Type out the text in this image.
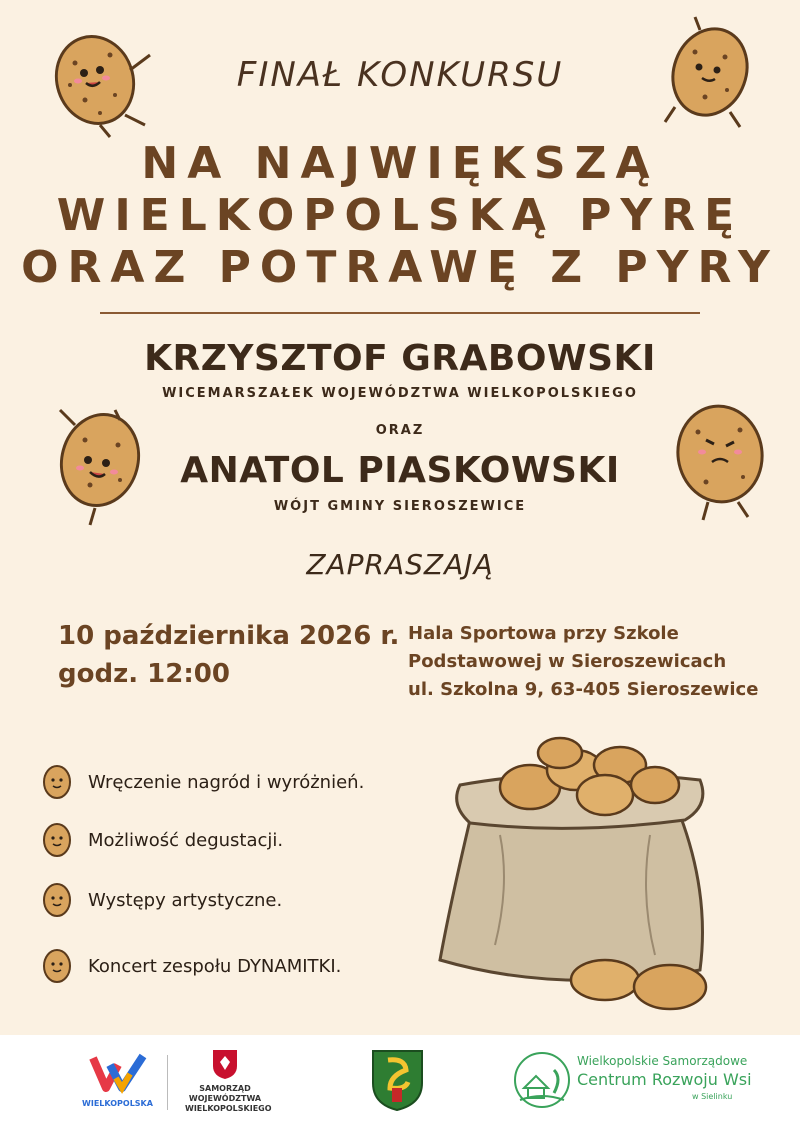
FINAŁ KONKURSU
NA NAJWIĘKSZĄ
WIELKOPOLSKĄ PYRĘ
ORAZ POTRAWĘ Z PYRY
KRZYSZTOF GRABOWSKI
WICEMARSZAŁEK WOJEWÓDZTWA WIELKOPOLSKIEGO
ORAZ
ANATOL PIASKOWSKI
WÓJT GMINY SIEROSZEWICE
ZAPRASZAJĄ
10 października 2026 r.
godz. 12:00
Hala Sportowa przy Szkole
Podstawowej w Sieroszewicach
ul. Szkolna 9, 63-405 Sieroszewice
Wręczenie nagród i wyróżnień.
Możliwość degustacji.
Występy artystyczne.
Koncert zespołu DYNAMITKI.
WIELKOPOLSKA
SAMORZĄD
WOJEWÓDZTWA
WIELKOPOLSKIEGO
Wielkopolskie Samorządowe
Centrum Rozwoju Wsi
w Sielinku
